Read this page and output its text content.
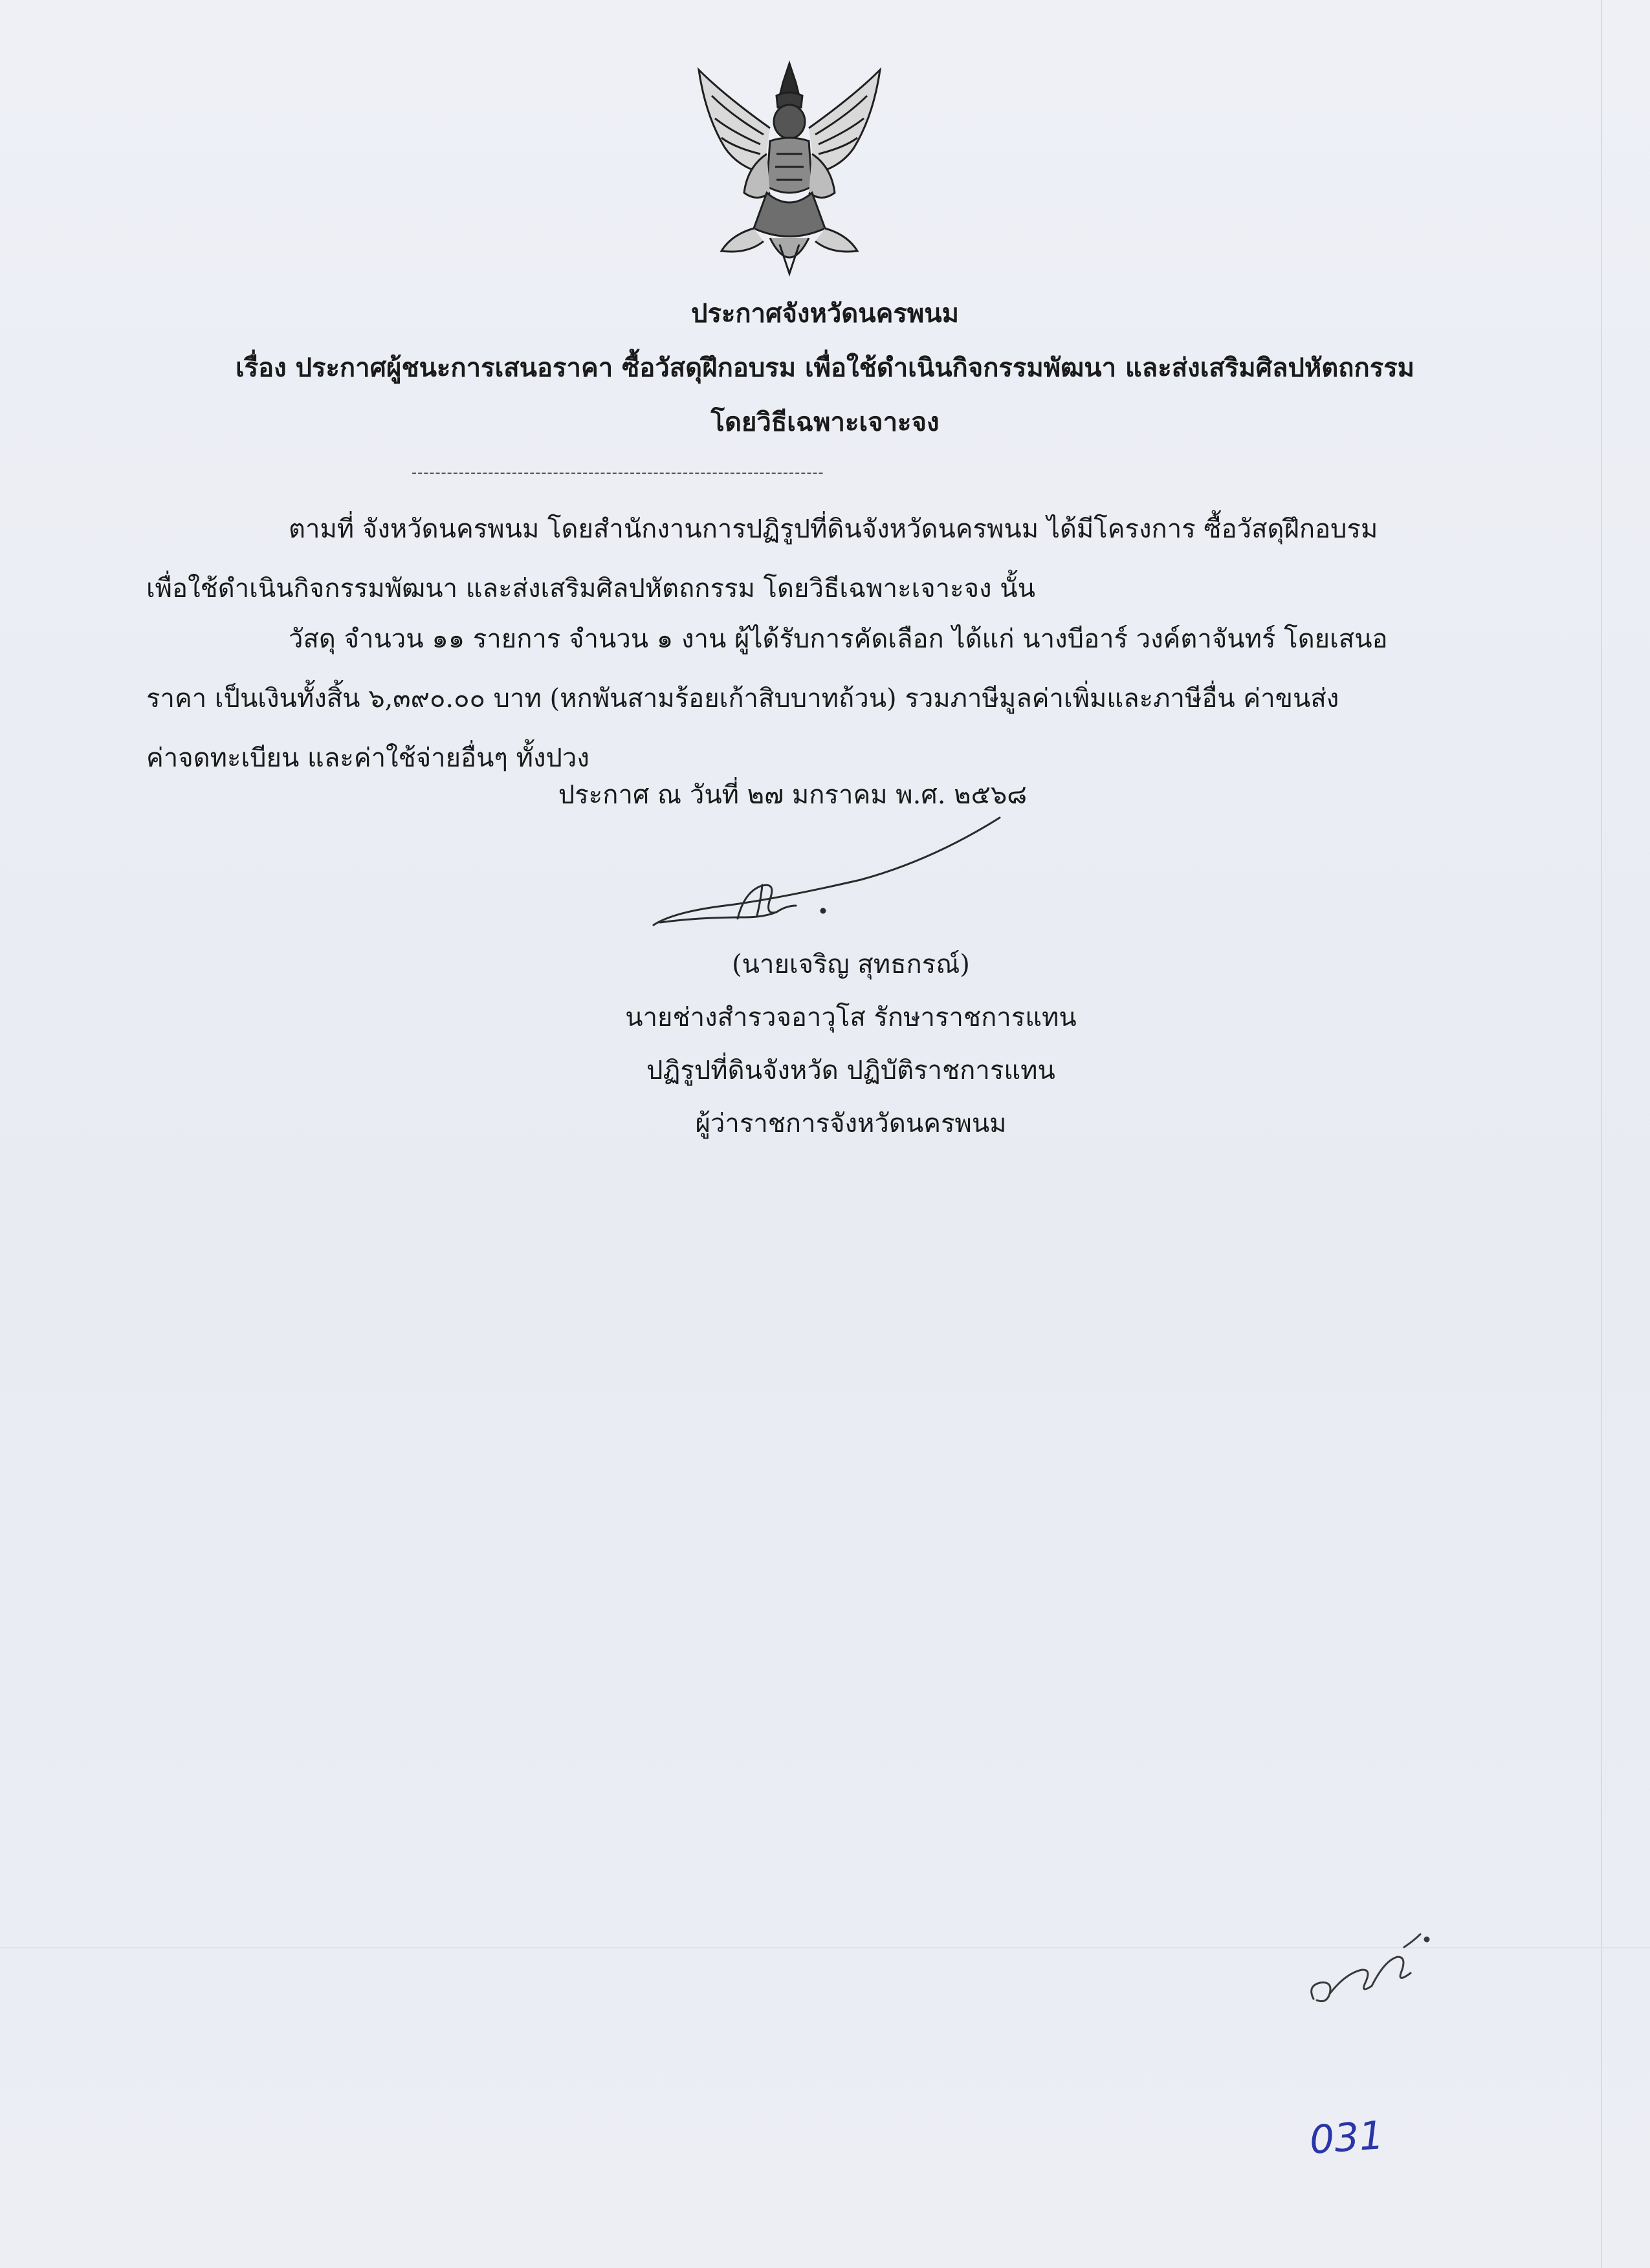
ประกาศจังหวัดนครพนม
เรื่อง ประกาศผู้ชนะการเสนอราคา ซื้อวัสดุฝึกอบรม เพื่อใช้ดำเนินกิจกรรมพัฒนา และส่งเสริมศิลปหัตถกรรม
โดยวิธีเฉพาะเจาะจง
----------------------------------------------------------------------
ตามที่ จังหวัดนครพนม โดยสำนักงานการปฏิรูปที่ดินจังหวัดนครพนม ได้มีโครงการ ซื้อวัสดุฝึกอบรม
เพื่อใช้ดำเนินกิจกรรมพัฒนา และส่งเสริมศิลปหัตถกรรม โดยวิธีเฉพาะเจาะจง นั้น
วัสดุ จำนวน ๑๑ รายการ จำนวน ๑ งาน ผู้ได้รับการคัดเลือก ได้แก่ นางบีอาร์ วงค์ตาจันทร์ โดยเสนอ
ราคา เป็นเงินทั้งสิ้น ๖,๓๙๐.๐๐ บาท (หกพันสามร้อยเก้าสิบบาทถ้วน) รวมภาษีมูลค่าเพิ่มและภาษีอื่น ค่าขนส่ง
ค่าจดทะเบียน และค่าใช้จ่ายอื่นๆ ทั้งปวง
ประกาศ ณ วันที่ ๒๗ มกราคม พ.ศ. ๒๕๖๘
(นายเจริญ สุทธกรณ์)
นายช่างสำรวจอาวุโส รักษาราชการแทน
ปฏิรูปที่ดินจังหวัด ปฏิบัติราชการแทน
ผู้ว่าราชการจังหวัดนครพนม
031
